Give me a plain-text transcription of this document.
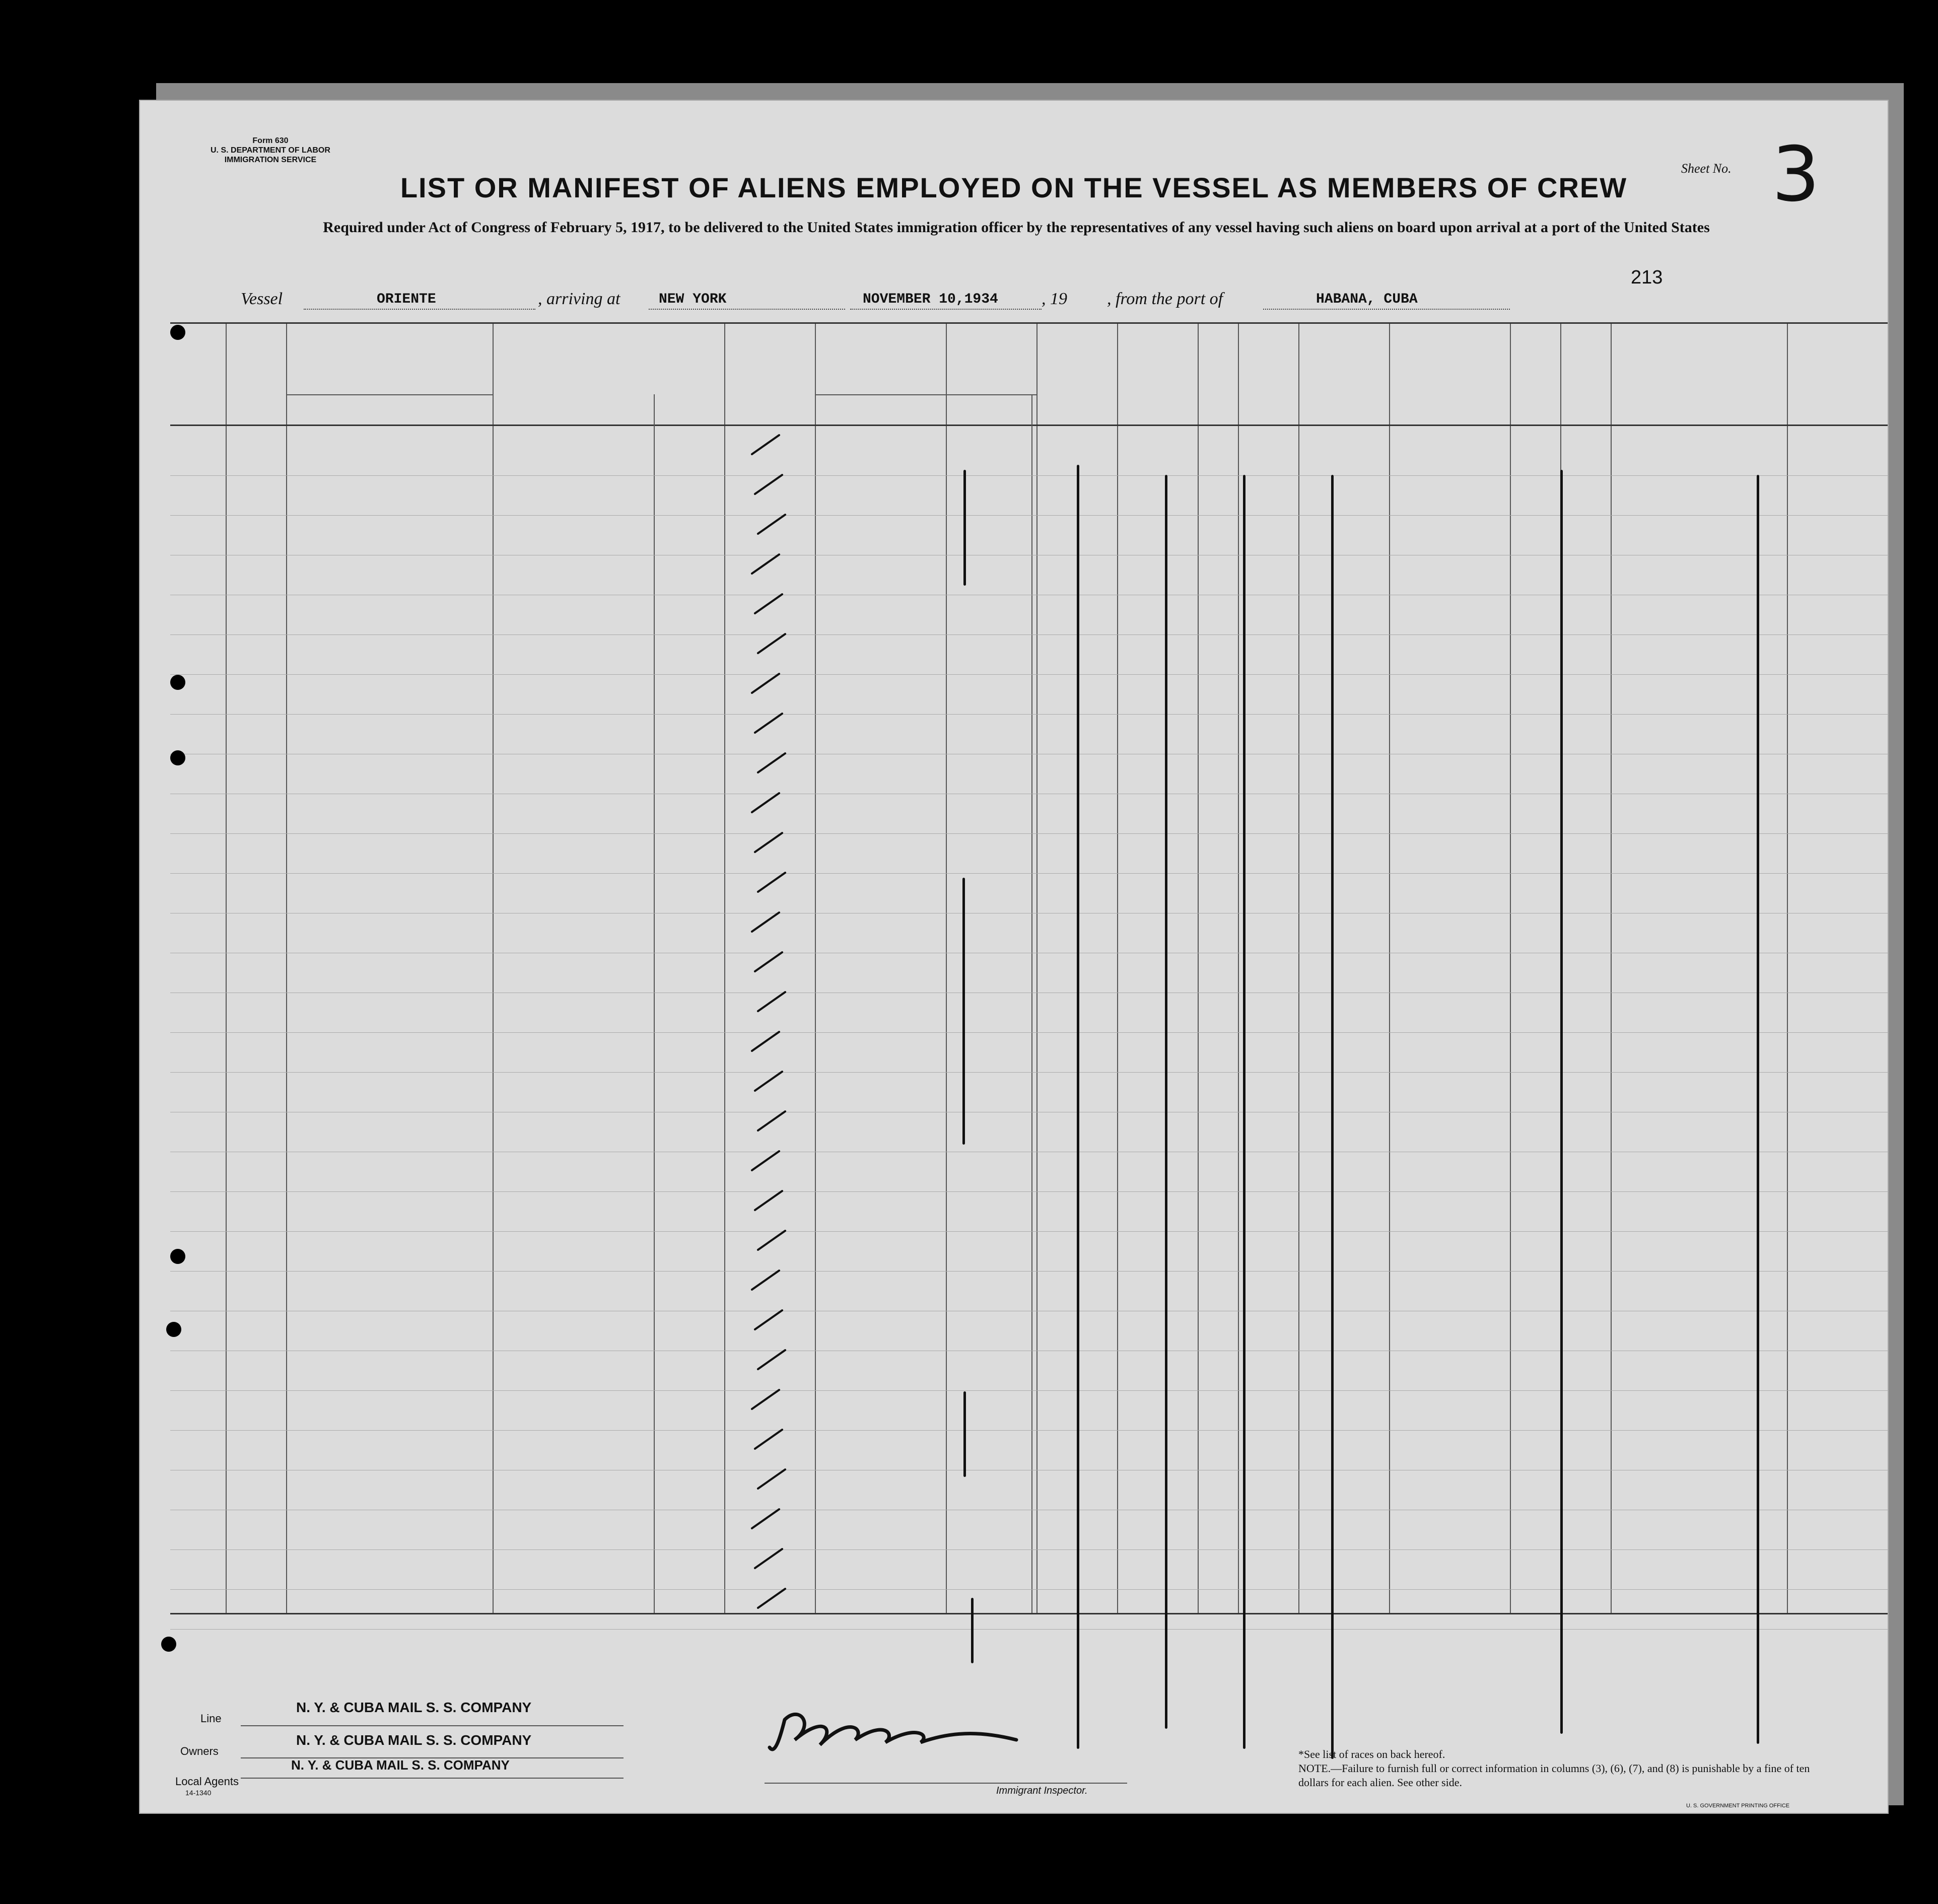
Form 630
U. S. DEPARTMENT OF LABOR
IMMIGRATION SERVICE
Sheet No. 3
LIST OR MANIFEST OF ALIENS EMPLOYED ON THE VESSEL AS MEMBERS OF CREW
Required under Act of Congress of February 5, 1917, to be delivered to the United States immigration officer by the representatives of any vessel having such aliens on board upon arrival at a port of the United States
213
Vessel	ORIENTE	, arriving at	NEW YORK	NOVEMBER 10,1934	, 19 , from the port of	HABANA, CUBA
Line
N. Y. & CUBA MAIL S. S. COMPANY
Owners
N. Y. & CUBA MAIL S. S. COMPANY
Local Agents
N. Y. & CUBA MAIL S. S. COMPANY
14-1340	Immigrant Inspector.
*See list of races on back hereof.
NOTE.—Failure to furnish full or correct information in columns (3), (6), (7), and (8) is punishable by a fine of ten dollars for each alien. See other side.
U. S. GOVERNMENT PRINTING OFFICE
